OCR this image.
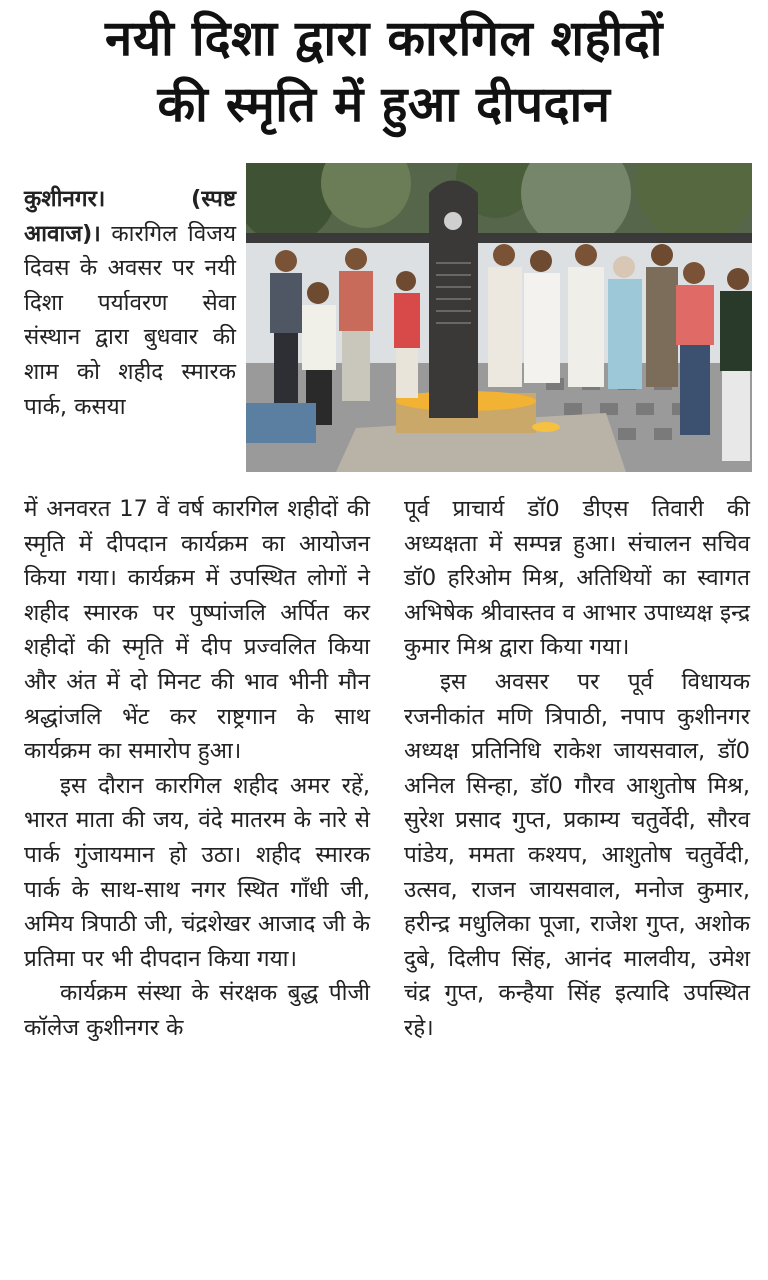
नयी दिशा द्वारा कारगिल शहीदों
की स्मृति में हुआ दीपदान

कुशीनगर। (स्पष्ट आवाज)। कारगिल विजय दिवस के अवसर पर नयी दिशा पर्यावरण सेवा संस्थान द्वारा बुधवार की शाम को शहीद स्मारक पार्क, कसया

में अनवरत 17 वें वर्ष कारगिल शहीदों की स्मृति में दीपदान कार्यक्रम का आयोजन किया गया। कार्यक्रम में उपस्थित लोगों ने शहीद स्मारक पर पुष्पांजलि अर्पित कर शहीदों की स्मृति में दीप प्रज्वलित किया और अंत में दो मिनट की भाव भीनी मौन श्रद्धांजलि भेंट कर राष्ट्रगान के साथ कार्यक्रम का समारोप हुआ।

इस दौरान कारगिल शहीद अमर रहें, भारत माता की जय, वंदे मातरम के नारे से पार्क गुंजायमान हो उठा। शहीद स्मारक पार्क के साथ-साथ नगर स्थित गाँधी जी, अमिय त्रिपाठी जी, चंद्रशेखर आजाद जी के प्रतिमा पर भी दीपदान किया गया।

कार्यक्रम संस्था के संरक्षक बुद्ध पीजी कॉलेज कुशीनगर के

पूर्व प्राचार्य डॉ0 डीएस तिवारी की अध्यक्षता में सम्पन्न हुआ। संचालन सचिव डॉ0 हरिओम मिश्र, अतिथियों का स्वागत अभिषेक श्रीवास्तव व आभार उपाध्यक्ष इन्द्र कुमार मिश्र द्वारा किया गया।

इस अवसर पर पूर्व विधायक रजनीकांत मणि त्रिपाठी, नपाप कुशीनगर अध्यक्ष प्रतिनिधि राकेश जायसवाल, डॉ0 अनिल सिन्हा, डॉ0 गौरव आशुतोष मिश्र, सुरेश प्रसाद गुप्त, प्रकाम्य चतुर्वेदी, सौरव पांडेय, ममता कश्यप, आशुतोष चतुर्वेदी, उत्सव, राजन जायसवाल, मनोज कुमार, हरीन्द्र मधुलिका पूजा, राजेश गुप्त, अशोक दुबे, दिलीप सिंह, आनंद मालवीय, उमेश चंद्र गुप्त, कन्हैया सिंह इत्यादि उपस्थित रहे।
